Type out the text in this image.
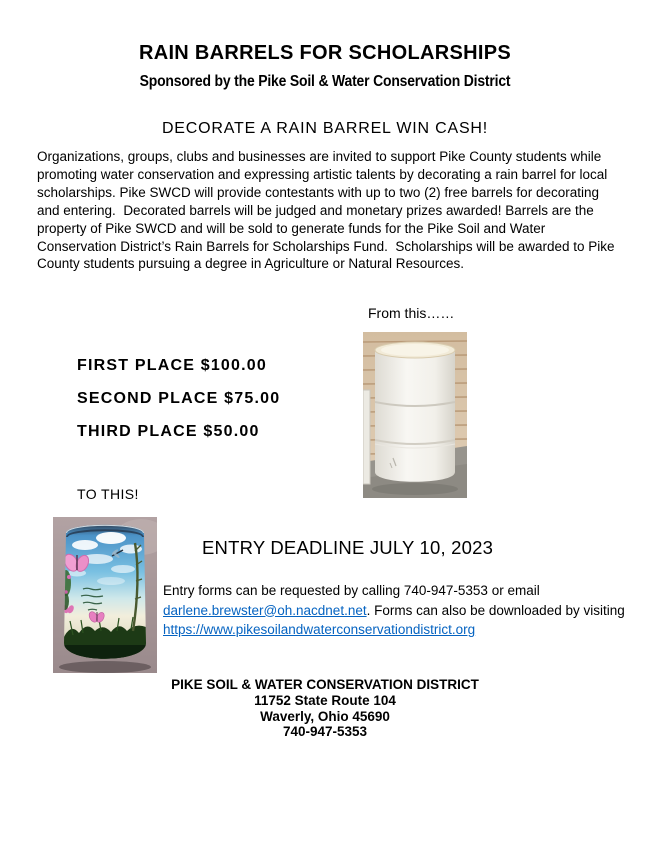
RAIN BARRELS FOR SCHOLARSHIPS
Sponsored by the Pike Soil & Water Conservation District
DECORATE A RAIN BARREL WIN CASH!
Organizations, groups, clubs and businesses are invited to support Pike County students while promoting water conservation and expressing artistic talents by decorating a rain barrel for local scholarships. Pike SWCD will provide contestants with up to two (2) free barrels for decorating and entering.  Decorated barrels will be judged and monetary prizes awarded! Barrels are the property of Pike SWCD and will be sold to generate funds for the Pike Soil and Water Conservation District’s Rain Barrels for Scholarships Fund.  Scholarships will be awarded to Pike County students pursuing a degree in Agriculture or Natural Resources.
From this……
FIRST PLACE $100.00
SECOND PLACE $75.00
THIRD PLACE $50.00
TO THIS!
ENTRY DEADLINE JULY 10, 2023

Entry forms can be requested by calling 740-947-5353 or email
darlene.brewster@oh.nacdnet.net. Forms can also be downloaded by visiting
https://www.pikesoilandwaterconservationdistrict.org

PIKE SOIL & WATER CONSERVATION DISTRICT
11752 State Route 104
Waverly, Ohio 45690
740-947-5353
